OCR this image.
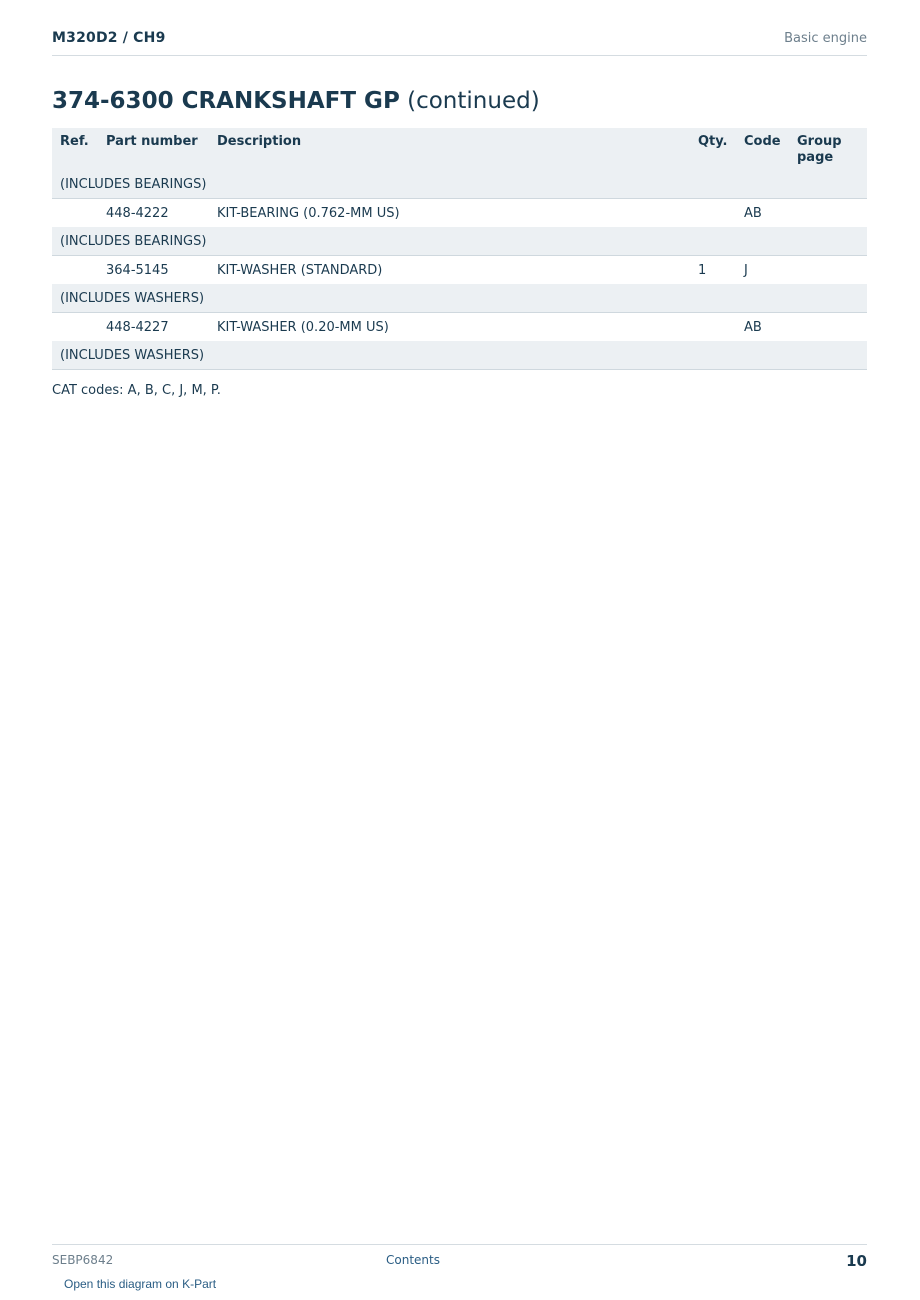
M320D2 / CH9	Basic engine
374-6300 CRANKSHAFT GP (continued)
Ref.	Part number	Description	Qty.	Code	Group page
(INCLUDES BEARINGS)					
	448-4222	KIT-BEARING (0.762-MM US)		AB	
(INCLUDES BEARINGS)					
	364-5145	KIT-WASHER (STANDARD)	1	J	
(INCLUDES WASHERS)					
	448-4227	KIT-WASHER (0.20-MM US)		AB	
(INCLUDES WASHERS)					
CAT codes: A, B, C, J, M, P.
SEBP6842	Contents	10
Open this diagram on K-Part
